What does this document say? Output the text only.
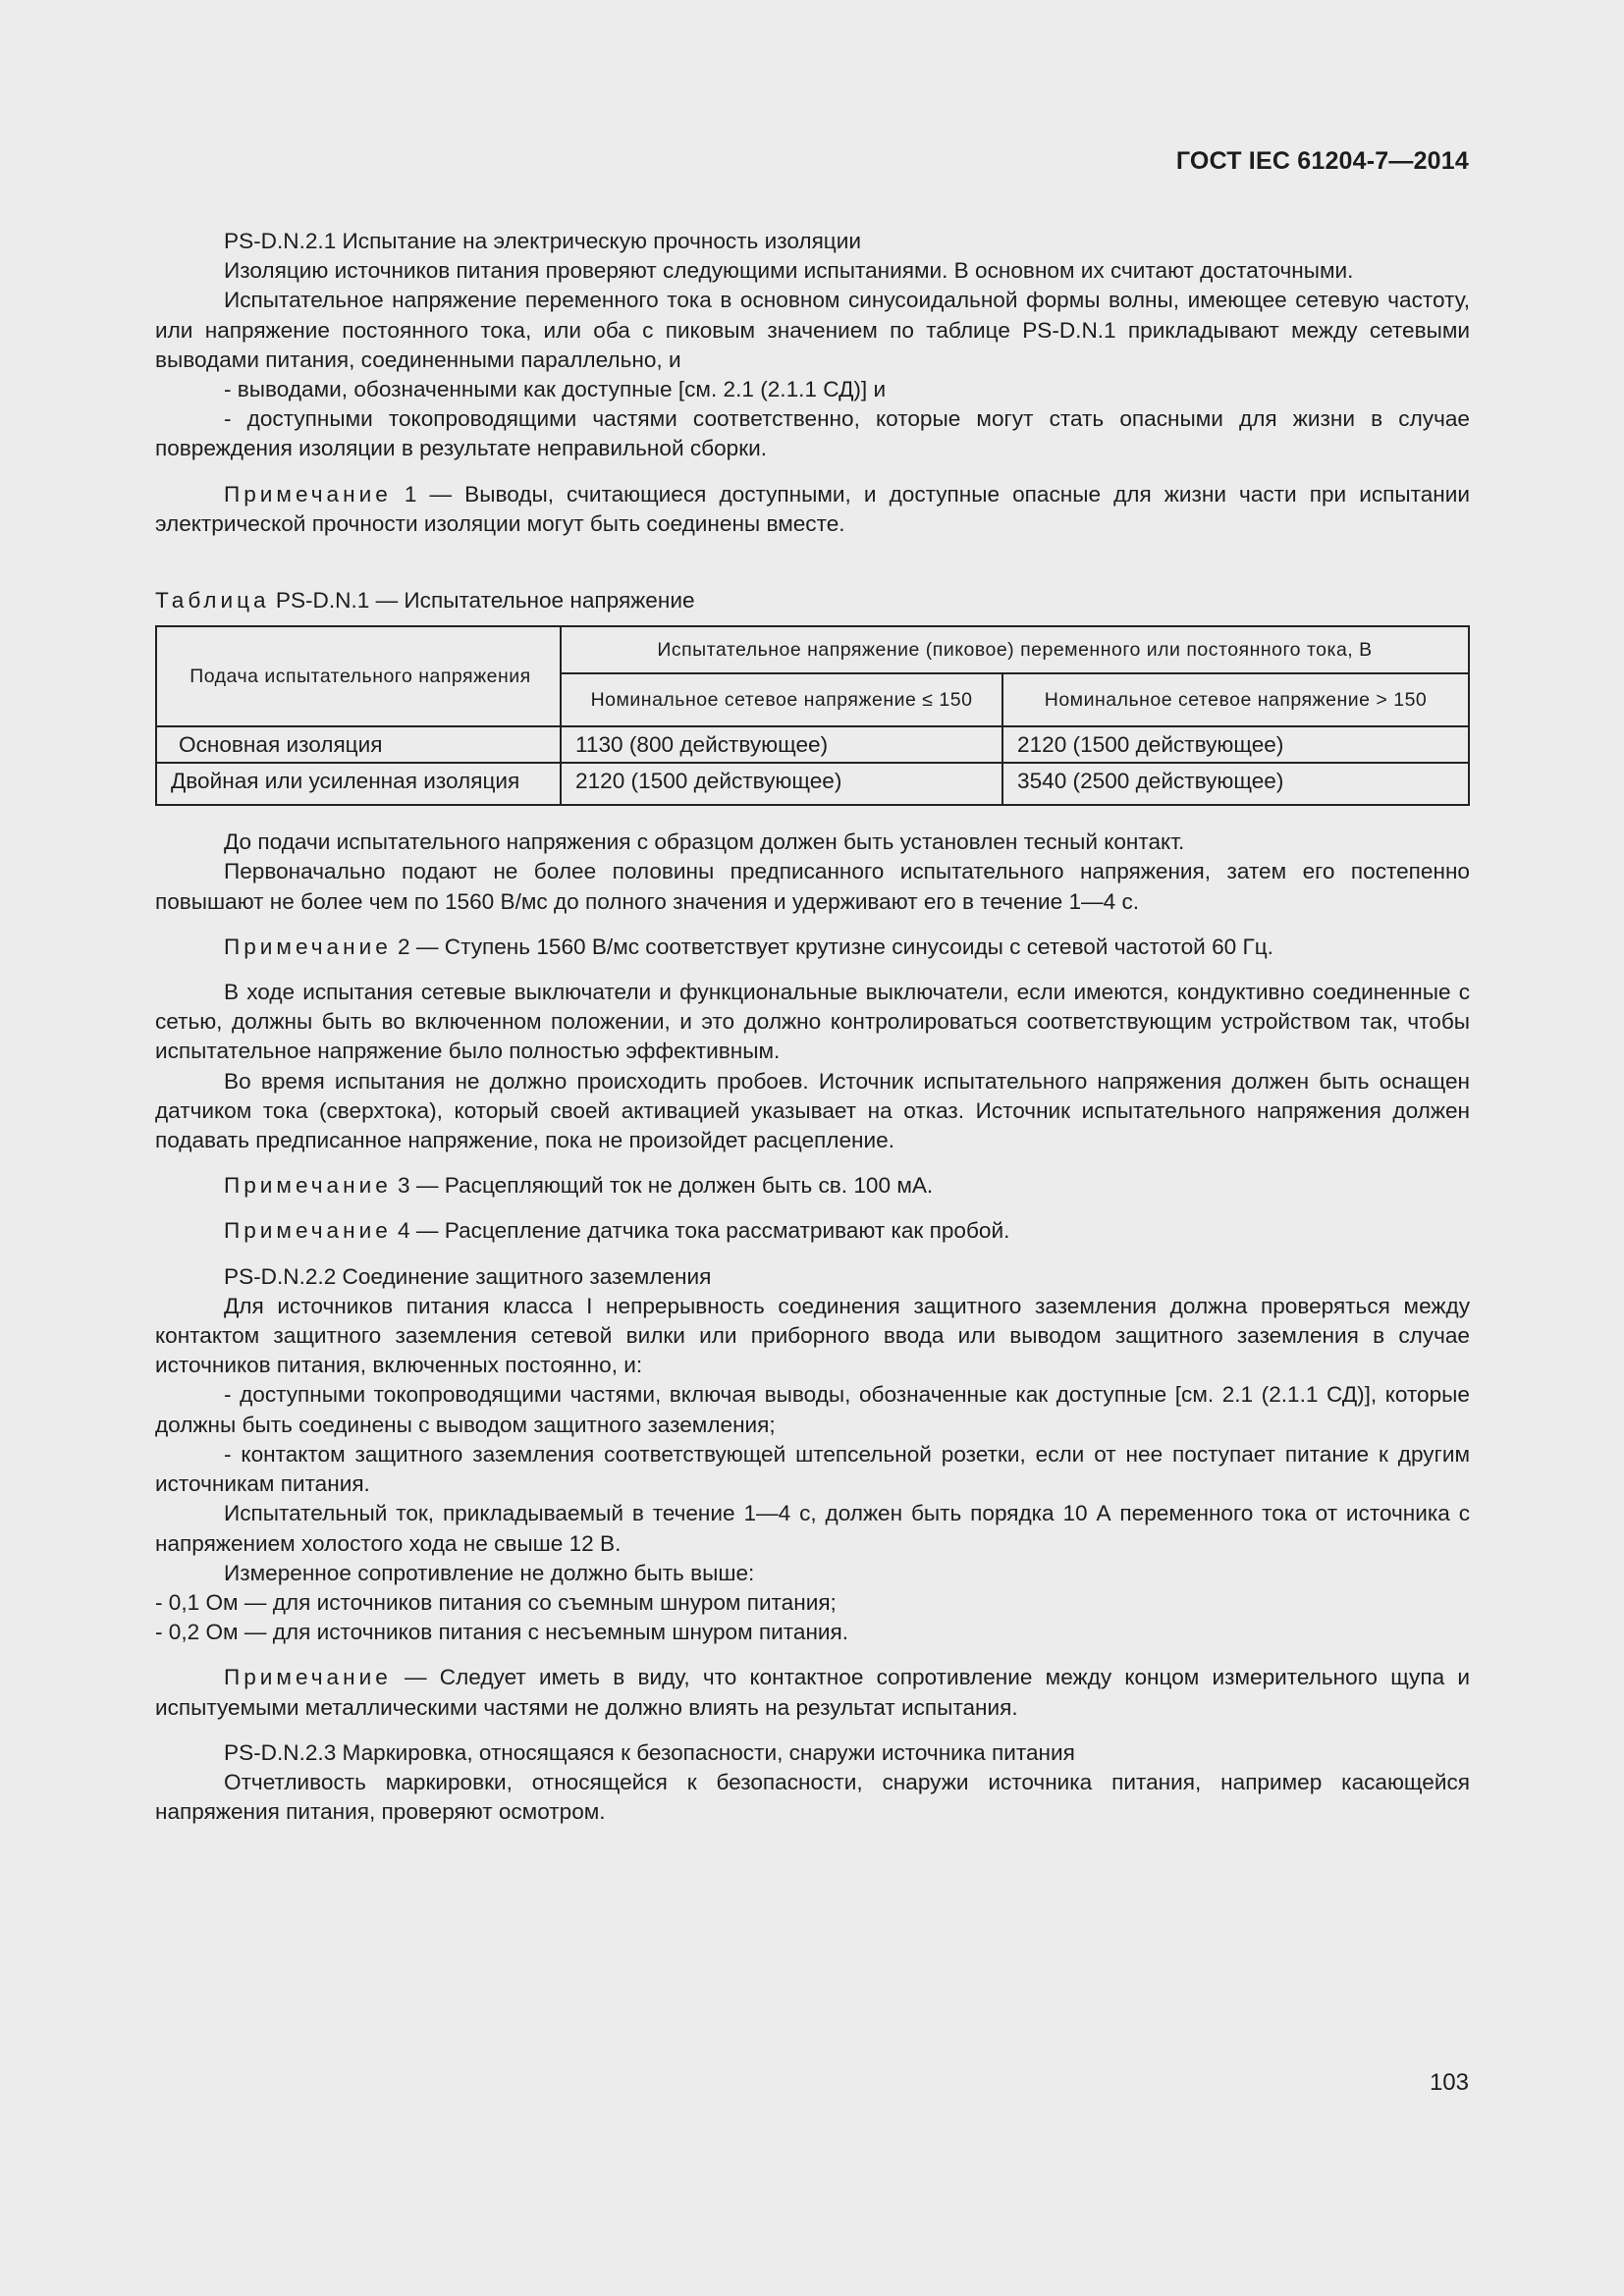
ГОСТ IEC 61204-7—2014

PS-D.N.2.1 Испытание на электрическую прочность изоляции

Изоляцию источников питания проверяют следующими испытаниями. В основном их считают достаточными.

Испытательное напряжение переменного тока в основном синусоидальной формы волны, имеющее сетевую частоту, или напряжение постоянного тока, или оба с пиковым значением по таблице PS-D.N.1 прикладывают между сетевыми выводами питания, соединенными параллельно, и

- выводами, обозначенными как доступные [см. 2.1 (2.1.1 СД)] и

- доступными токопроводящими частями соответственно, которые могут стать опасными для жизни в случае повреждения изоляции в результате неправильной сборки.

Примечание 1 — Выводы, считающиеся доступными, и доступные опасные для жизни части при испытании электрической прочности изоляции могут быть соединены вместе.

Таблица PS-D.N.1 — Испытательное напряжение

Подача испытательного напряжения	Испытательное напряжение (пиковое) переменного или постоянного тока, В	
	Номинальное сетевое напряжение ≤ 150	Номинальное сетевое напряжение > 150
Основная изоляция	1130 (800 действующее)	2120 (1500 действующее)
Двойная или усиленная изоляция	2120 (1500 действующее)	3540 (2500 действующее)

До подачи испытательного напряжения с образцом должен быть установлен тесный контакт.

Первоначально подают не более половины предписанного испытательного напряжения, затем его постепенно повышают не более чем по 1560 В/мс до полного значения и удерживают его в течение 1—4 с.

Примечание 2 — Ступень 1560 В/мс соответствует крутизне синусоиды с сетевой частотой 60 Гц.

В ходе испытания сетевые выключатели и функциональные выключатели, если имеются, кондуктивно соединенные с сетью, должны быть во включенном положении, и это должно контролироваться соответствующим устройством так, чтобы испытательное напряжение было полностью эффективным.

Во время испытания не должно происходить пробоев. Источник испытательного напряжения должен быть оснащен датчиком тока (сверхтока), который своей активацией указывает на отказ. Источник испытательного напряжения должен подавать предписанное напряжение, пока не произойдет расцепление.

Примечание 3 — Расцепляющий ток не должен быть св. 100 мА.

Примечание 4 — Расцепление датчика тока рассматривают как пробой.

PS-D.N.2.2 Соединение защитного заземления

Для источников питания класса I непрерывность соединения защитного заземления должна проверяться между контактом защитного заземления сетевой вилки или приборного ввода или выводом защитного заземления в случае источников питания, включенных постоянно, и:

- доступными токопроводящими частями, включая выводы, обозначенные как доступные [см. 2.1 (2.1.1 СД)], которые должны быть соединены с выводом защитного заземления;

- контактом защитного заземления соответствующей штепсельной розетки, если от нее поступает питание к другим источникам питания.

Испытательный ток, прикладываемый в течение 1—4 с, должен быть порядка 10 А переменного тока от источника с напряжением холостого хода не свыше 12 В.

Измеренное сопротивление не должно быть выше:

- 0,1 Ом — для источников питания со съемным шнуром питания;

- 0,2 Ом — для источников питания с несъемным шнуром питания.

Примечание — Следует иметь в виду, что контактное сопротивление между концом измерительного щупа и испытуемыми металлическими частями не должно влиять на результат испытания.

PS-D.N.2.3 Маркировка, относящаяся к безопасности, снаружи источника питания

Отчетливость маркировки, относящейся к безопасности, снаружи источника питания, например касающейся напряжения питания, проверяют осмотром.

103
